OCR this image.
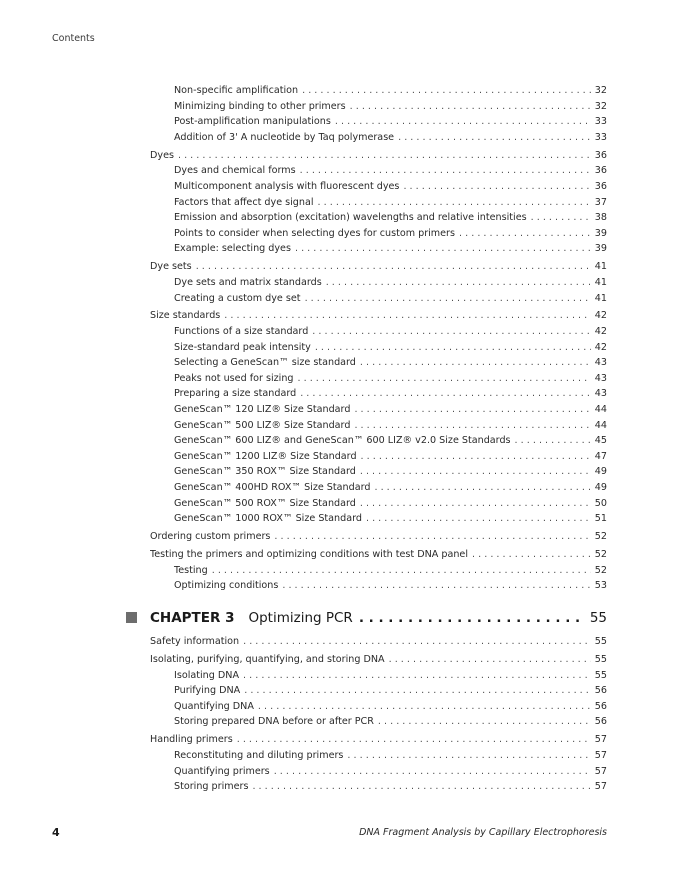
Contents
Non-specific amplification . . .	32
Minimizing binding to other primers . . .	32
Post-amplification manipulations . . .	33
Addition of 3' A nucleotide by Taq polymerase . . .	33
Dyes . . .	36
Dyes and chemical forms . . .	36
Multicomponent analysis with fluorescent dyes . . .	36
Factors that affect dye signal . . .	37
Emission and absorption (excitation) wavelengths and relative intensities . . .	38
Points to consider when selecting dyes for custom primers . . .	39
Example: selecting dyes . . .	39
Dye sets . . .	41
Dye sets and matrix standards . . .	41
Creating a custom dye set . . .	41
Size standards . . .	42
Functions of a size standard . . .	42
Size-standard peak intensity . . .	42
Selecting a GeneScan™ size standard . . .	43
Peaks not used for sizing . . .	43
Preparing a size standard . . .	43
GeneScan™ 120 LIZ® Size Standard . . .	44
GeneScan™ 500 LIZ® Size Standard . . .	44
GeneScan™ 600 LIZ® and GeneScan™ 600 LIZ® v2.0 Size Standards . . .	45
GeneScan™ 1200 LIZ® Size Standard . . .	47
GeneScan™ 350 ROX™ Size Standard . . .	49
GeneScan™ 400HD ROX™ Size Standard . . .	49
GeneScan™ 500 ROX™ Size Standard . . .	50
GeneScan™ 1000 ROX™ Size Standard . . .	51
Ordering custom primers . . .	52
Testing the primers and optimizing conditions with test DNA panel . . .	52
Testing . . .	52
Optimizing conditions . . .	53
CHAPTER 3	Optimizing PCR . . .	55
Safety information . . .	55
Isolating, purifying, quantifying, and storing DNA . . .	55
Isolating DNA . . .	55
Purifying DNA . . .	56
Quantifying DNA . . .	56
Storing prepared DNA before or after PCR . . .	56
Handling primers . . .	57
Reconstituting and diluting primers . . .	57
Quantifying primers . . .	57
Storing primers . . .	57
4	DNA Fragment Analysis by Capillary Electrophoresis
